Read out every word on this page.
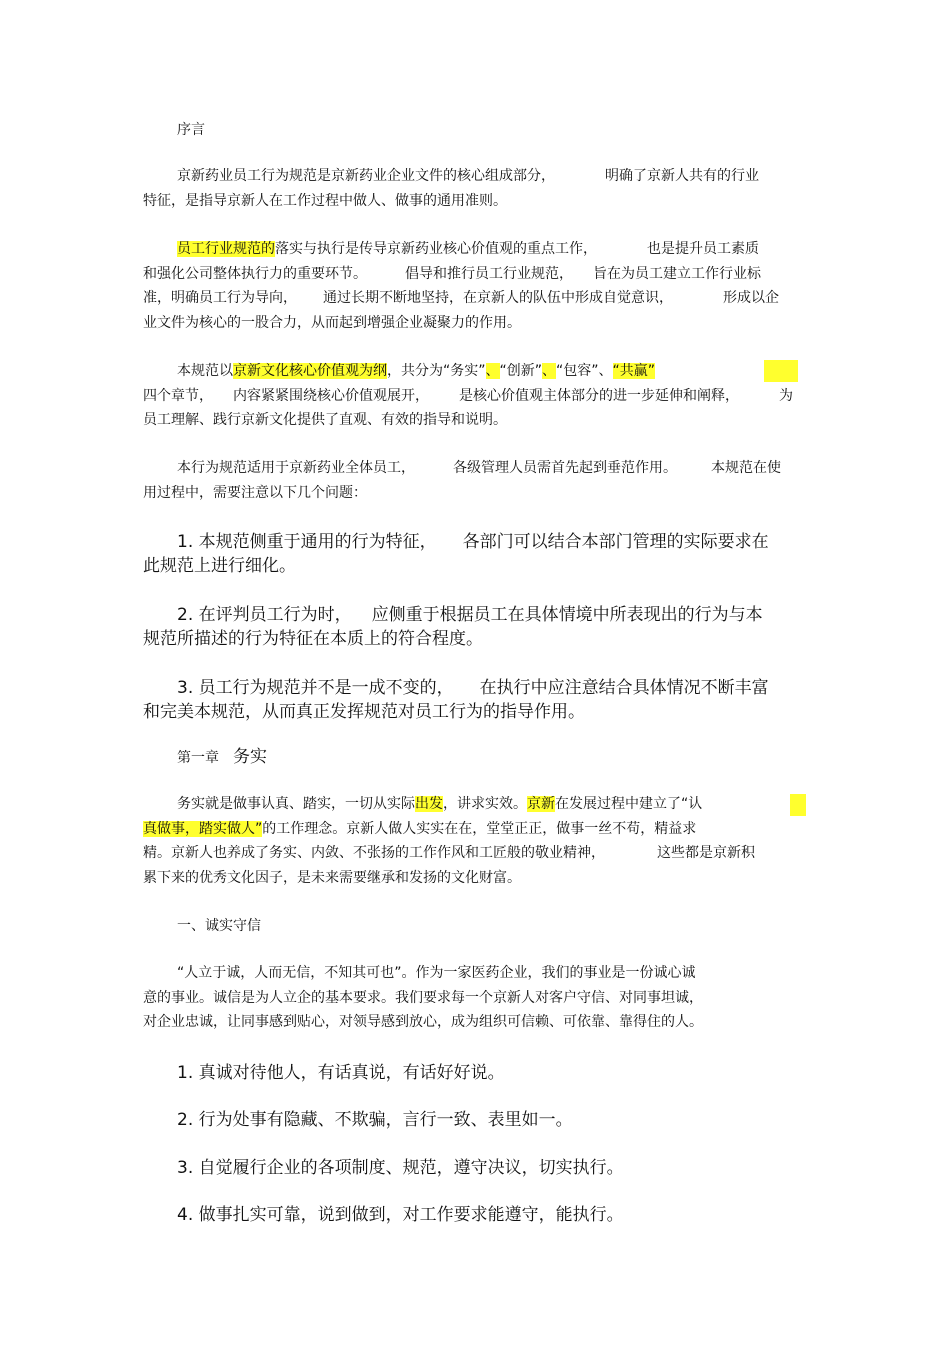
序言
京新药业员工行为规范是京新药业企业文件的核心组成部分，	明确了京新人共有的行业
特征，是指导京新人在工作过程中做人、做事的通用准则。
员工行业规范的落实与执行是传导京新药业核心价值观的重点工作，	也是提升员工素质
和强化公司整体执行力的重要环节。	倡导和推行员工行业规范， 旨在为员工建立工作行业标
准，明确员工行为导向， 通过长期不断地坚持，在京新人的队伍中形成自觉意识，	形成以企
业文件为核心的一股合力，从而起到增强企业凝聚力的作用。
本规范以京新文化核心价值观为纲，共分为“务实”、“创新”、“包容”、“共赢”
四个章节， 内容紧紧围绕核心价值观展开， 是核心价值观主体部分的进一步延伸和阐释，	为
员工理解、践行京新文化提供了直观、有效的指导和说明。
本行为规范适用于京新药业全体员工，	各级管理人员需首先起到垂范作用。 本规范在使
用过程中，需要注意以下几个问题：
1. 本规范侧重于通用的行为特征， 各部门可以结合本部门管理的实际要求在
此规范上进行细化。
2. 在评判员工行为时， 应侧重于根据员工在具体情境中所表现出的行为与本
规范所描述的行为特征在本质上的符合程度。
3. 员工行为规范并不是一成不变的， 在执行中应注意结合具体情况不断丰富
和完美本规范，从而真正发挥规范对员工行为的指导作用。
第一章 务实
务实就是做事认真、踏实，一切从实际出发，讲求实效。京新在发展过程中建立了“认
真做事，踏实做人”的工作理念。京新人做人实实在在，堂堂正正，做事一丝不苟，精益求
精。京新人也养成了务实、内敛、不张扬的工作作风和工匠般的敬业精神，	这些都是京新积
累下来的优秀文化因子，是未来需要继承和发扬的文化财富。
一、诚实守信
“人立于诚，人而无信，不知其可也”。作为一家医药企业，我们的事业是一份诚心诚
意的事业。诚信是为人立企的基本要求。我们要求每一个京新人对客户守信、对同事坦诚，
对企业忠诚，让同事感到贴心，对领导感到放心，成为组织可信赖、可依靠、靠得住的人。
1. 真诚对待他人，有话真说，有话好好说。
2. 行为处事有隐藏、不欺骗，言行一致、表里如一。
3. 自觉履行企业的各项制度、规范，遵守决议，切实执行。
4. 做事扎实可靠，说到做到，对工作要求能遵守，能执行。
